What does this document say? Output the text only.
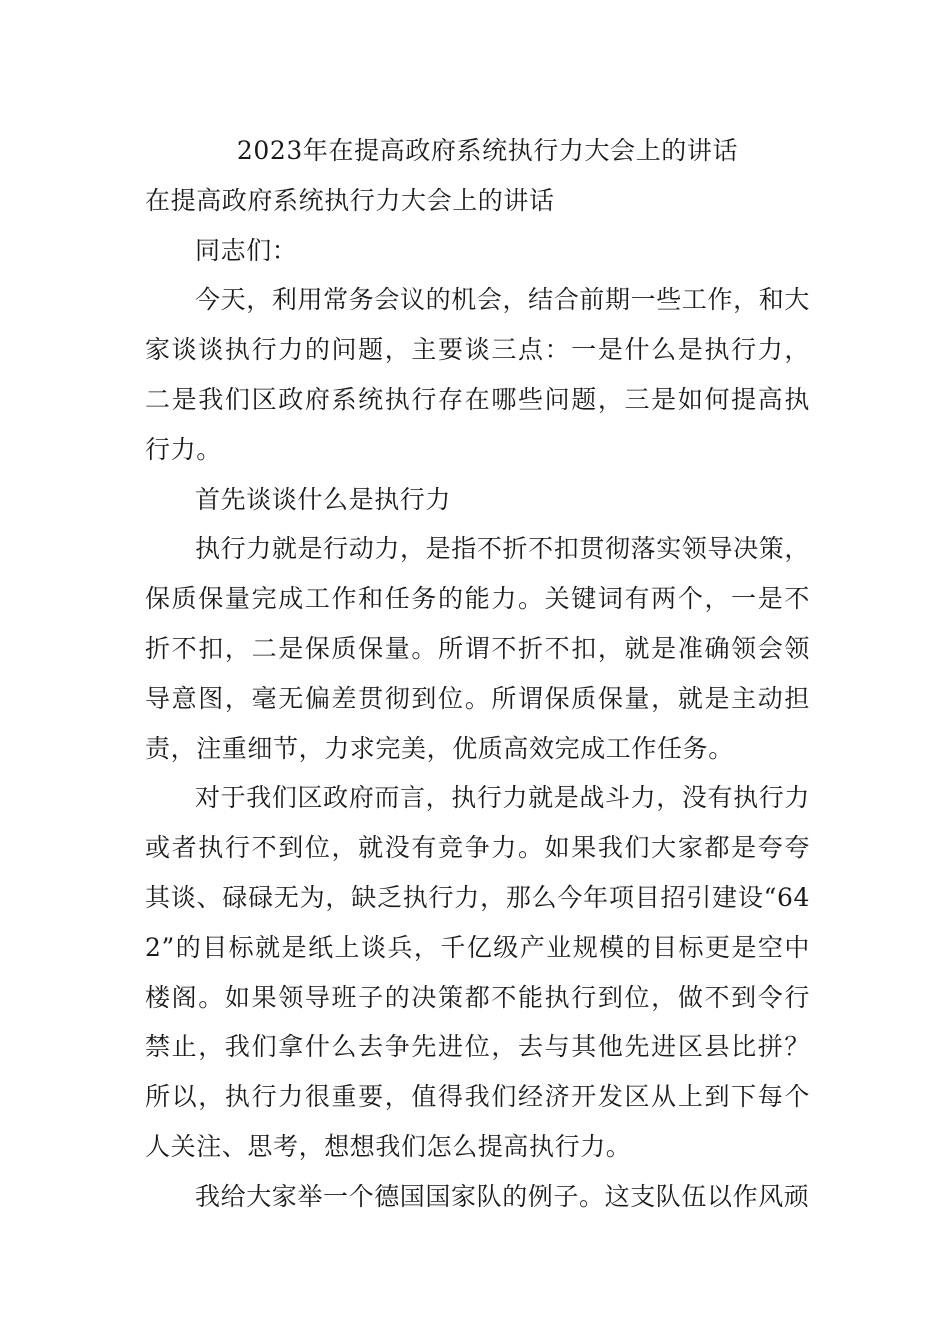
2023年在提高政府系统执行力大会上的讲话
在提高政府系统执行力大会上的讲话

同志们：

今天，利用常务会议的机会，结合前期一些工作，和大家谈谈执行力的问题，主要谈三点：一是什么是执行力，二是我们区政府系统执行存在哪些问题，三是如何提高执行力。

首先谈谈什么是执行力

执行力就是行动力，是指不折不扣贯彻落实领导决策，保质保量完成工作和任务的能力。关键词有两个，一是不折不扣，二是保质保量。所谓不折不扣，就是准确领会领导意图，毫无偏差贯彻到位。所谓保质保量，就是主动担责，注重细节，力求完美，优质高效完成工作任务。

对于我们区政府而言，执行力就是战斗力，没有执行力或者执行不到位，就没有竞争力。如果我们大家都是夸夸其谈、碌碌无为，缺乏执行力，那么今年项目招引建设“642”的目标就是纸上谈兵，千亿级产业规模的目标更是空中楼阁。如果领导班子的决策都不能执行到位，做不到令行禁止，我们拿什么去争先进位，去与其他先进区县比拼？所以，执行力很重要，值得我们经济开发区从上到下每个人关注、思考，想想我们怎么提高执行力。

我给大家举一个德国国家队的例子。这支队伍以作风顽
